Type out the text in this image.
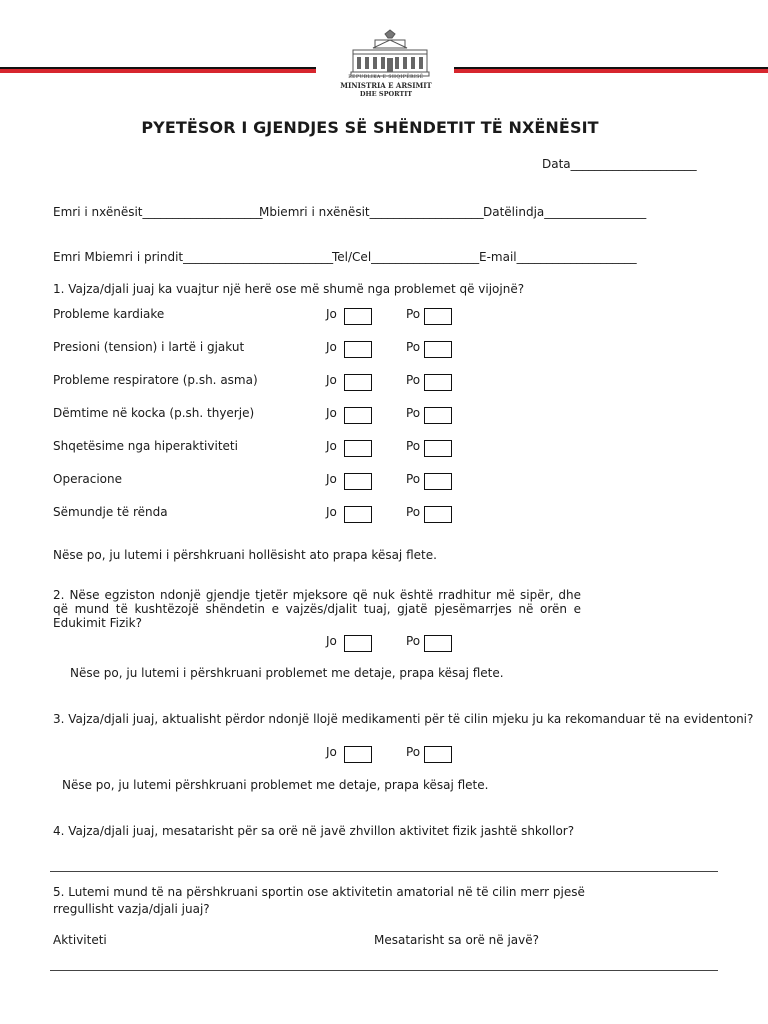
REPUBLIKA E SHQIPËRISË
MINISTRIA E ARSIMIT
DHE SPORTIT
PYETËSOR I GJENDJES SË SHËNDETIT TË NXËNËSIT
Data_____________________
Emri i nxënësit____________________
Mbiemri i nxënësit___________________ Datëlindja_________________
Emri Mbiemri i prindit_________________________
Tel/Cel__________________ E-mail____________________
1. Vajza/djali juaj ka vuajtur një herë ose më shumë nga problemet që vijojnë?
Probleme kardiake	Jo	Po
Presioni (tension) i lartë i gjakut	Jo	Po
Probleme respiratore (p.sh. asma)	Jo	Po
Dëmtime në kocka (p.sh. thyerje)	Jo	Po
Shqetësime nga hiperaktiviteti	Jo	Po
Operacione	Jo	Po
Sëmundje të rënda	Jo	Po
Nëse po, ju lutemi i përshkruani hollësisht ato prapa kësaj flete.
2. Nëse egziston ndonjë gjendje tjetër mjeksore që nuk është rradhitur më sipër, dhe që mund të kushtëzojë shëndetin e vajzës/djalit tuaj, gjatë pjesëmarrjes në orën e Edukimit Fizik?
Jo	Po
Nëse po, ju lutemi i përshkruani problemet me detaje, prapa kësaj flete.
3. Vajza/djali juaj, aktualisht përdor ndonjë llojë medikamenti për të cilin mjeku ju ka rekomanduar të na evidentoni?
Jo	Po
Nëse po, ju lutemi përshkruani problemet me detaje, prapa kësaj flete.
4. Vajza/djali juaj, mesatarisht për sa orë në javë zhvillon aktivitet fizik jashtë shkollor?
5. Lutemi mund të na përshkruani sportin ose aktivitetin amatorial në të cilin merr pjesë
rregullisht vazja/djali juaj?
Aktiviteti	Mesatarisht sa orë në javë?
